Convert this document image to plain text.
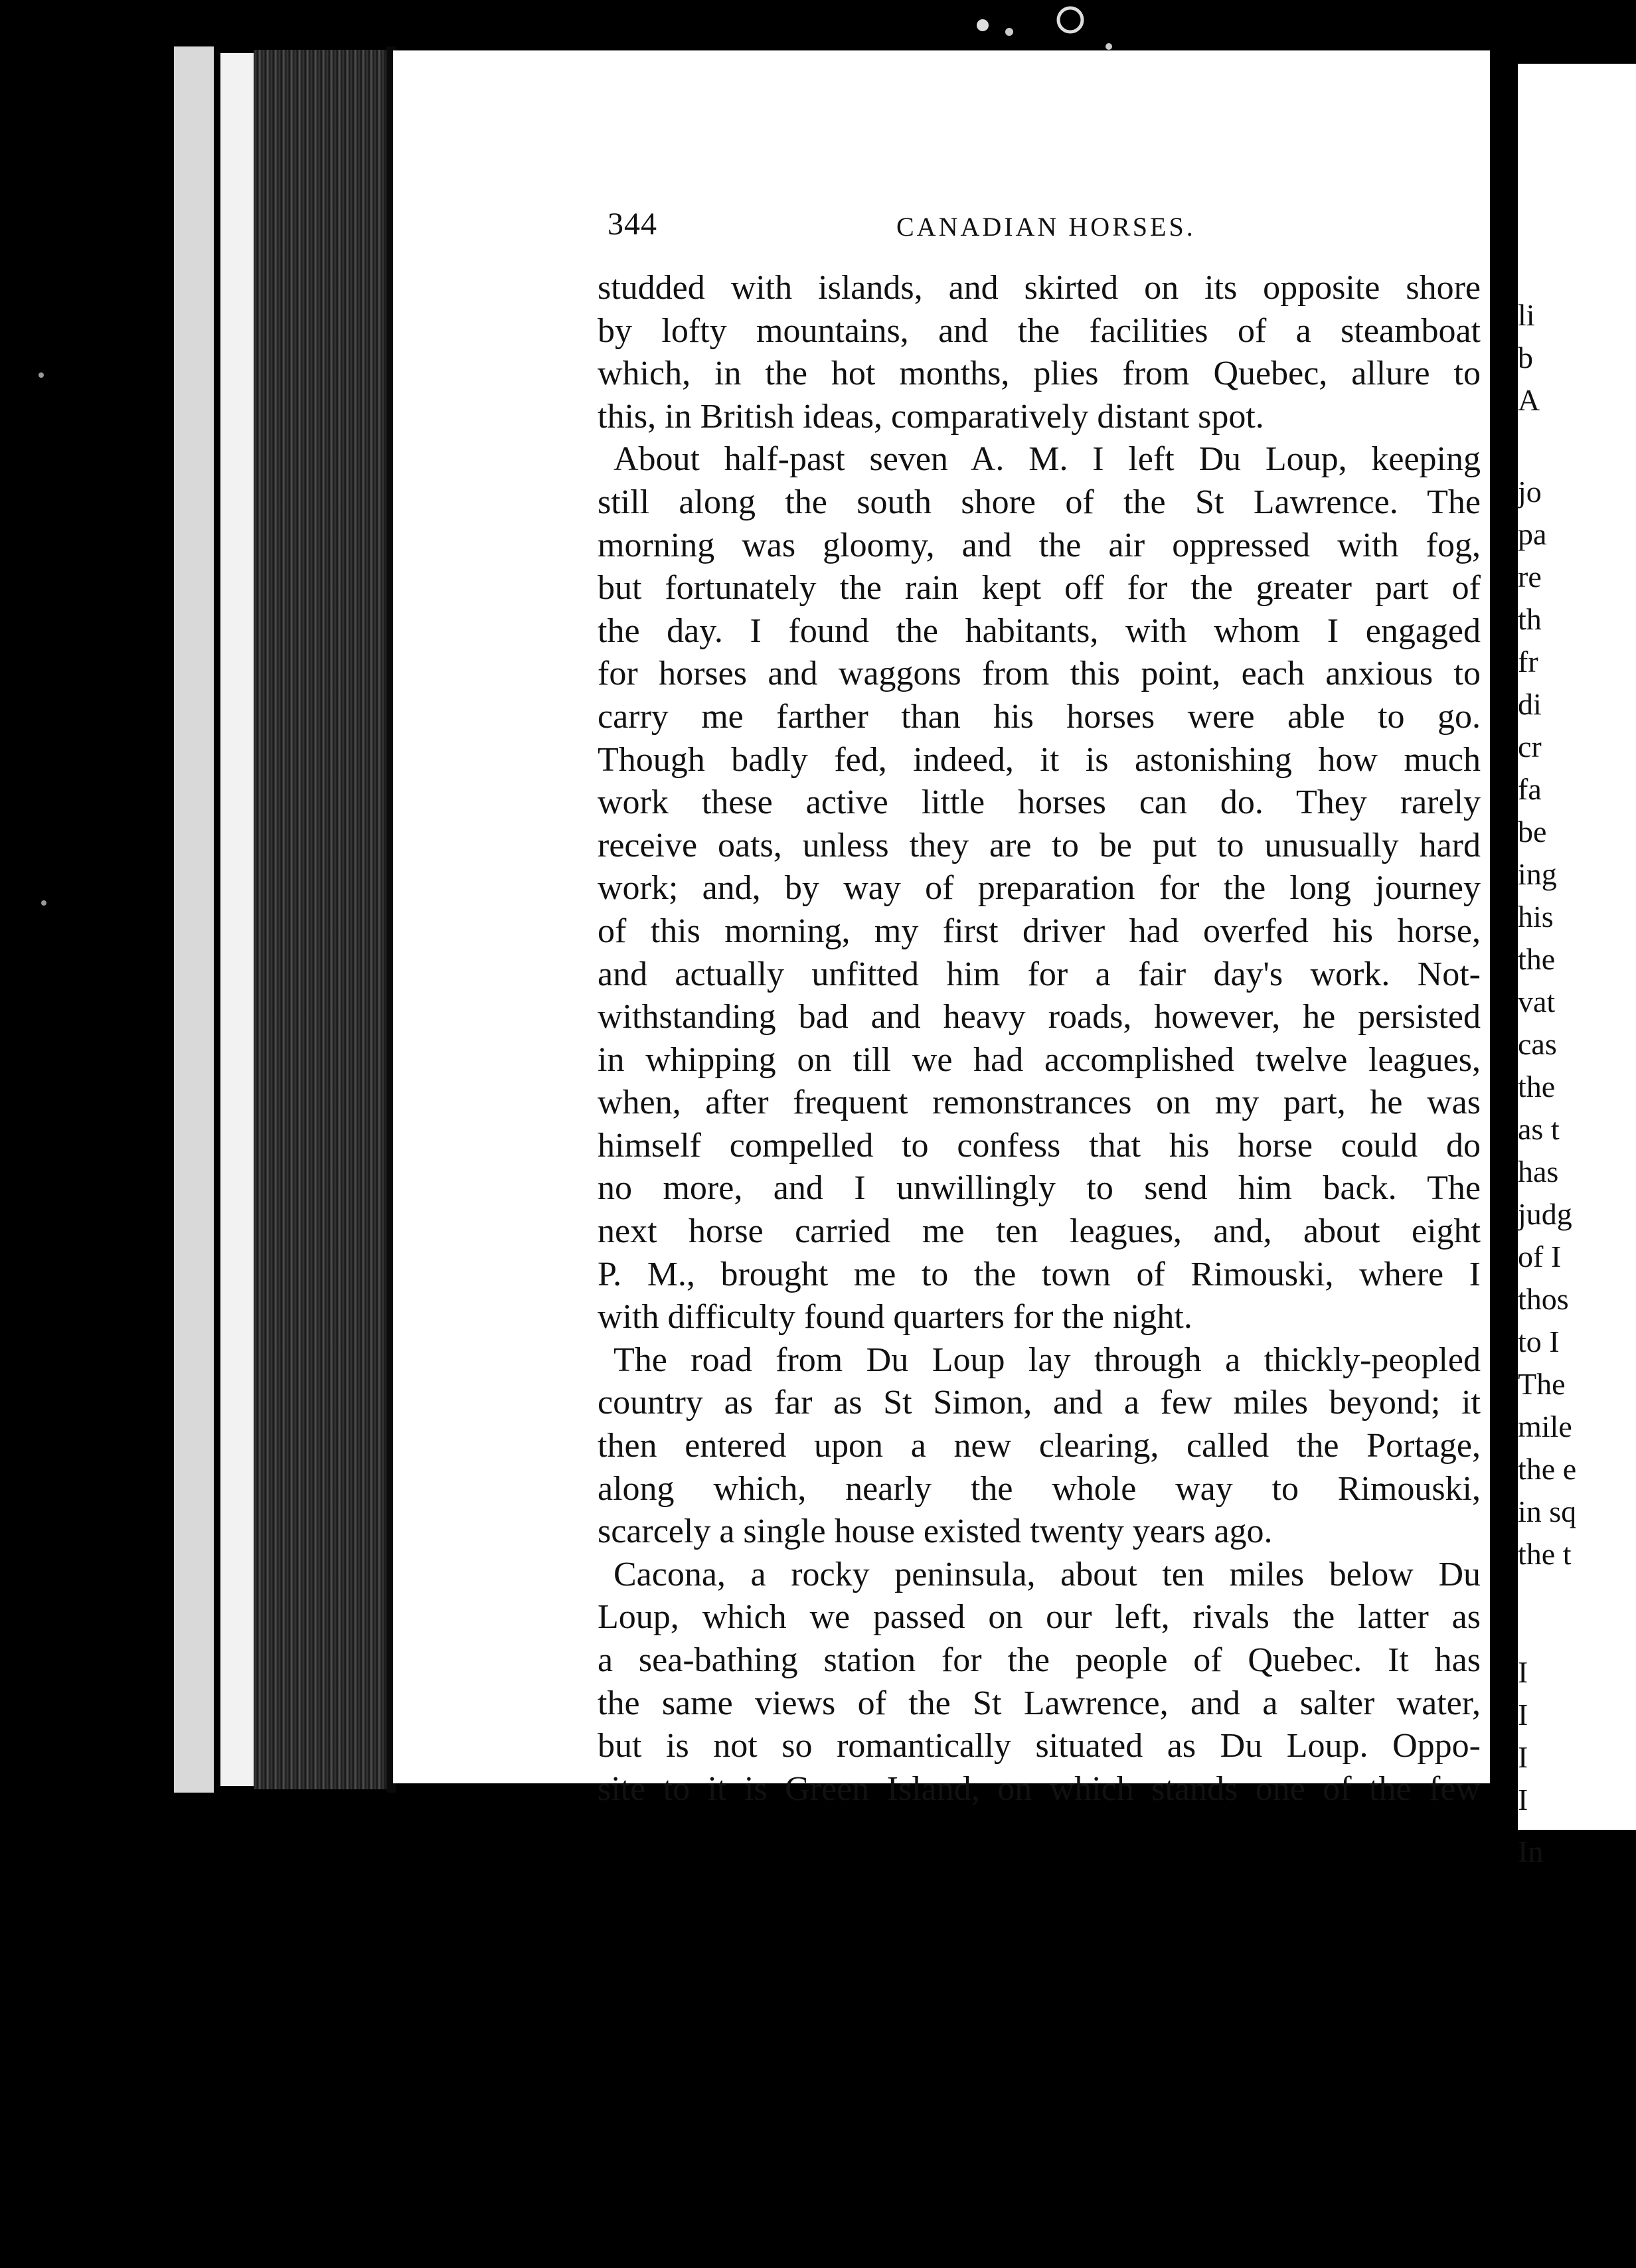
344	CANADIAN HORSES.
studded with islands, and skirted on its opposite shore
by lofty mountains, and the facilities of a steamboat
which, in the hot months, plies from Quebec, allure to
this, in British ideas, comparatively distant spot.
About half-past seven A. M. I left Du Loup, keeping
still along the south shore of the St Lawrence. The
morning was gloomy, and the air oppressed with fog,
but fortunately the rain kept off for the greater part of
the day. I found the habitants, with whom I engaged
for horses and waggons from this point, each anxious to
carry me farther than his horses were able to go.
Though badly fed, indeed, it is astonishing how much
work these active little horses can do. They rarely
receive oats, unless they are to be put to unusually hard
work; and, by way of preparation for the long journey
of this morning, my first driver had overfed his horse,
and actually unfitted him for a fair day's work. Not-
withstanding bad and heavy roads, however, he persisted
in whipping on till we had accomplished twelve leagues,
when, after frequent remonstrances on my part, he was
himself compelled to confess that his horse could do
no more, and I unwillingly to send him back. The
next horse carried me ten leagues, and, about eight
P. M., brought me to the town of Rimouski, where I
with difficulty found quarters for the night.
The road from Du Loup lay through a thickly-peopled
country as far as St Simon, and a few miles beyond; it
then entered upon a new clearing, called the Portage,
along which, nearly the whole way to Rimouski,
scarcely a single house existed twenty years ago.
Cacona, a rocky peninsula, about ten miles below Du
Loup, which we passed on our left, rivals the latter as
a sea-bathing station for the people of Quebec. It has
the same views of the St Lawrence, and a salter water,
but is not so romantically situated as Du Loup. Oppo-
site to it is Green Island, on which stands one of the few
li
b
A
jo
pa
re
th
fr
di
cr
fa
be
ing
his
the
vat
cas
the
as t
has
judg
of I
thos
to I
The
mile
the e
in sq
the t
I
I
I
I
In
